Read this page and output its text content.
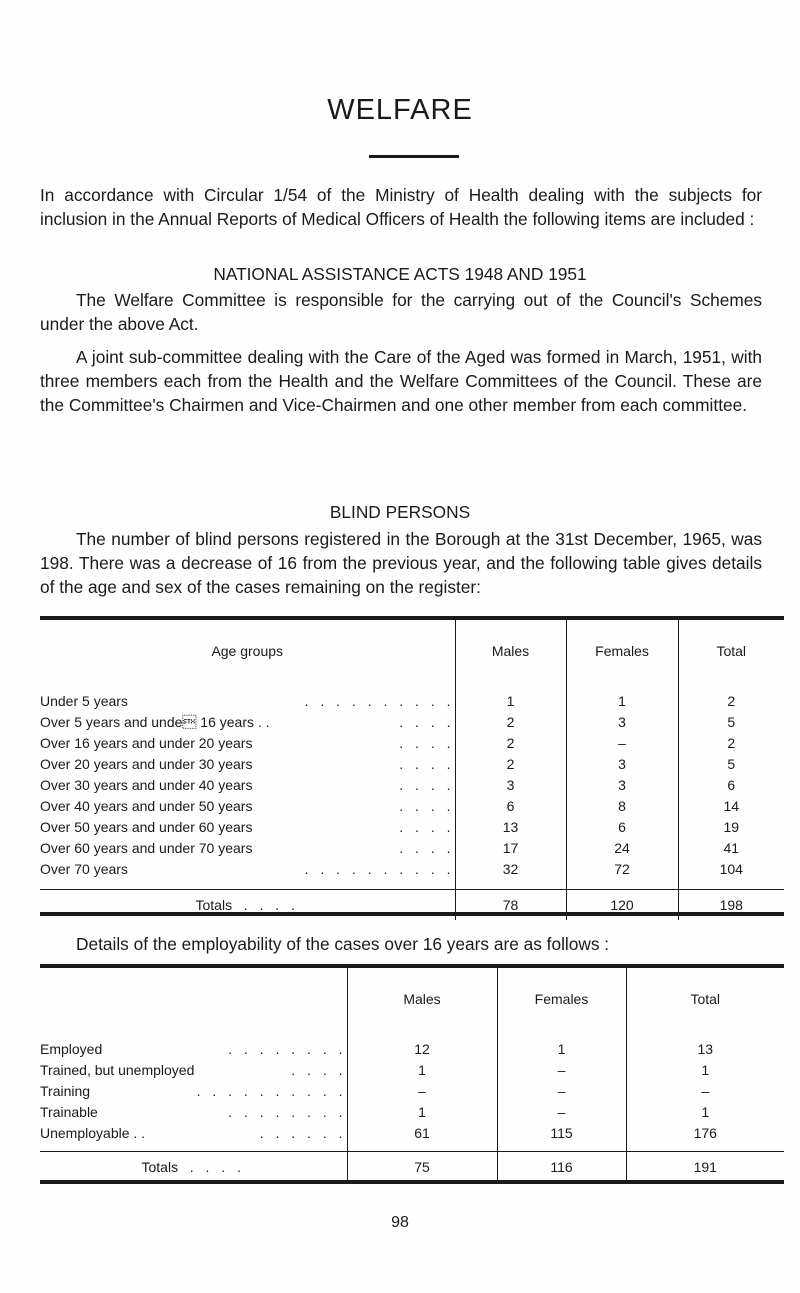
WELFARE
In accordance with Circular 1/54 of the Ministry of Health dealing with the subjects for inclusion in the Annual Reports of Medical Officers of Health the following items are included :
NATIONAL ASSISTANCE ACTS 1948 AND 1951
The Welfare Committee is responsible for the carrying out of the Council's Schemes under the above Act.
A joint sub-committee dealing with the Care of the Aged was formed in March, 1951, with three members each from the Health and the Welfare Committees of the Council. These are the Committee's Chairmen and Vice-Chairmen and one other member from each committee.
BLIND PERSONS
The number of blind persons registered in the Borough at the 31st December, 1965, was 198. There was a decrease of 16 from the previous year, and the following table gives details of the age and sex of the cases remaining on the register:
Age groups	Males	Females	Total

Under 5 years . . . . . . . . . .	1	1	2
Over 5 years and unde 16 years . . . . . .	2	3	5
Over 16 years and under 20 years . . . .	2	–	2
Over 20 years and under 30 years . . . .	2	3	5
Over 30 years and under 40 years . . . .	3	3	6
Over 40 years and under 50 years . . . .	6	8	14
Over 50 years and under 60 years . . . .	13	6	19
Over 60 years and under 70 years . . . .	17	24	41
Over 70 years . . . . . . . . . .	32	72	104

Totals . . . .	78	120	198
Details of the employability of the cases over 16 years are as follows :
	Males	Females	Total

Employed . . . . . . . .	12	1	13
Trained, but unemployed . . . .	1	–	1
Training . . . . . . . . . .	–	–	–
Trainable . . . . . . . .	1	–	1
Unemployable . . . . . . . .	61	115	176

Totals . . . .	75	116	191
98
